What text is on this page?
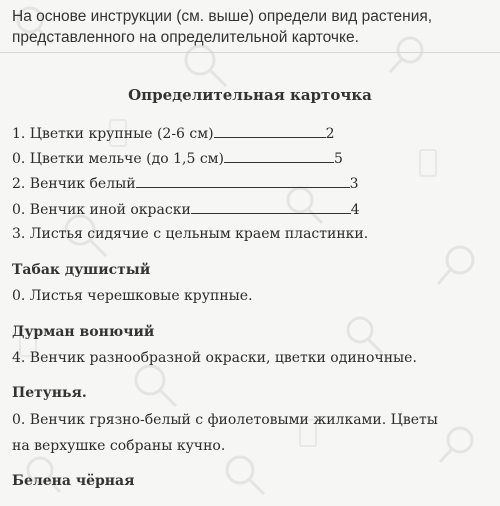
На основе инструкции (см. выше) определи вид растения,
представленного на определительной карточке.
Определительная карточка
1. Цветки крупные (2-6 см)	2
0. Цветки мельче (до 1,5 см)	5
2. Венчик белый	3
0. Венчик иной окраски	4
3. Листья сидячие с цельным краем пластинки.
Табак душистый
0. Листья черешковые крупные.
Дурман вонючий
4. Венчик разнообразной окраски, цветки одиночные.
Петунья.
0. Венчик грязно-белый с фиолетовыми жилками. Цветы
на верхушке собраны кучно.
Белена чёрная
